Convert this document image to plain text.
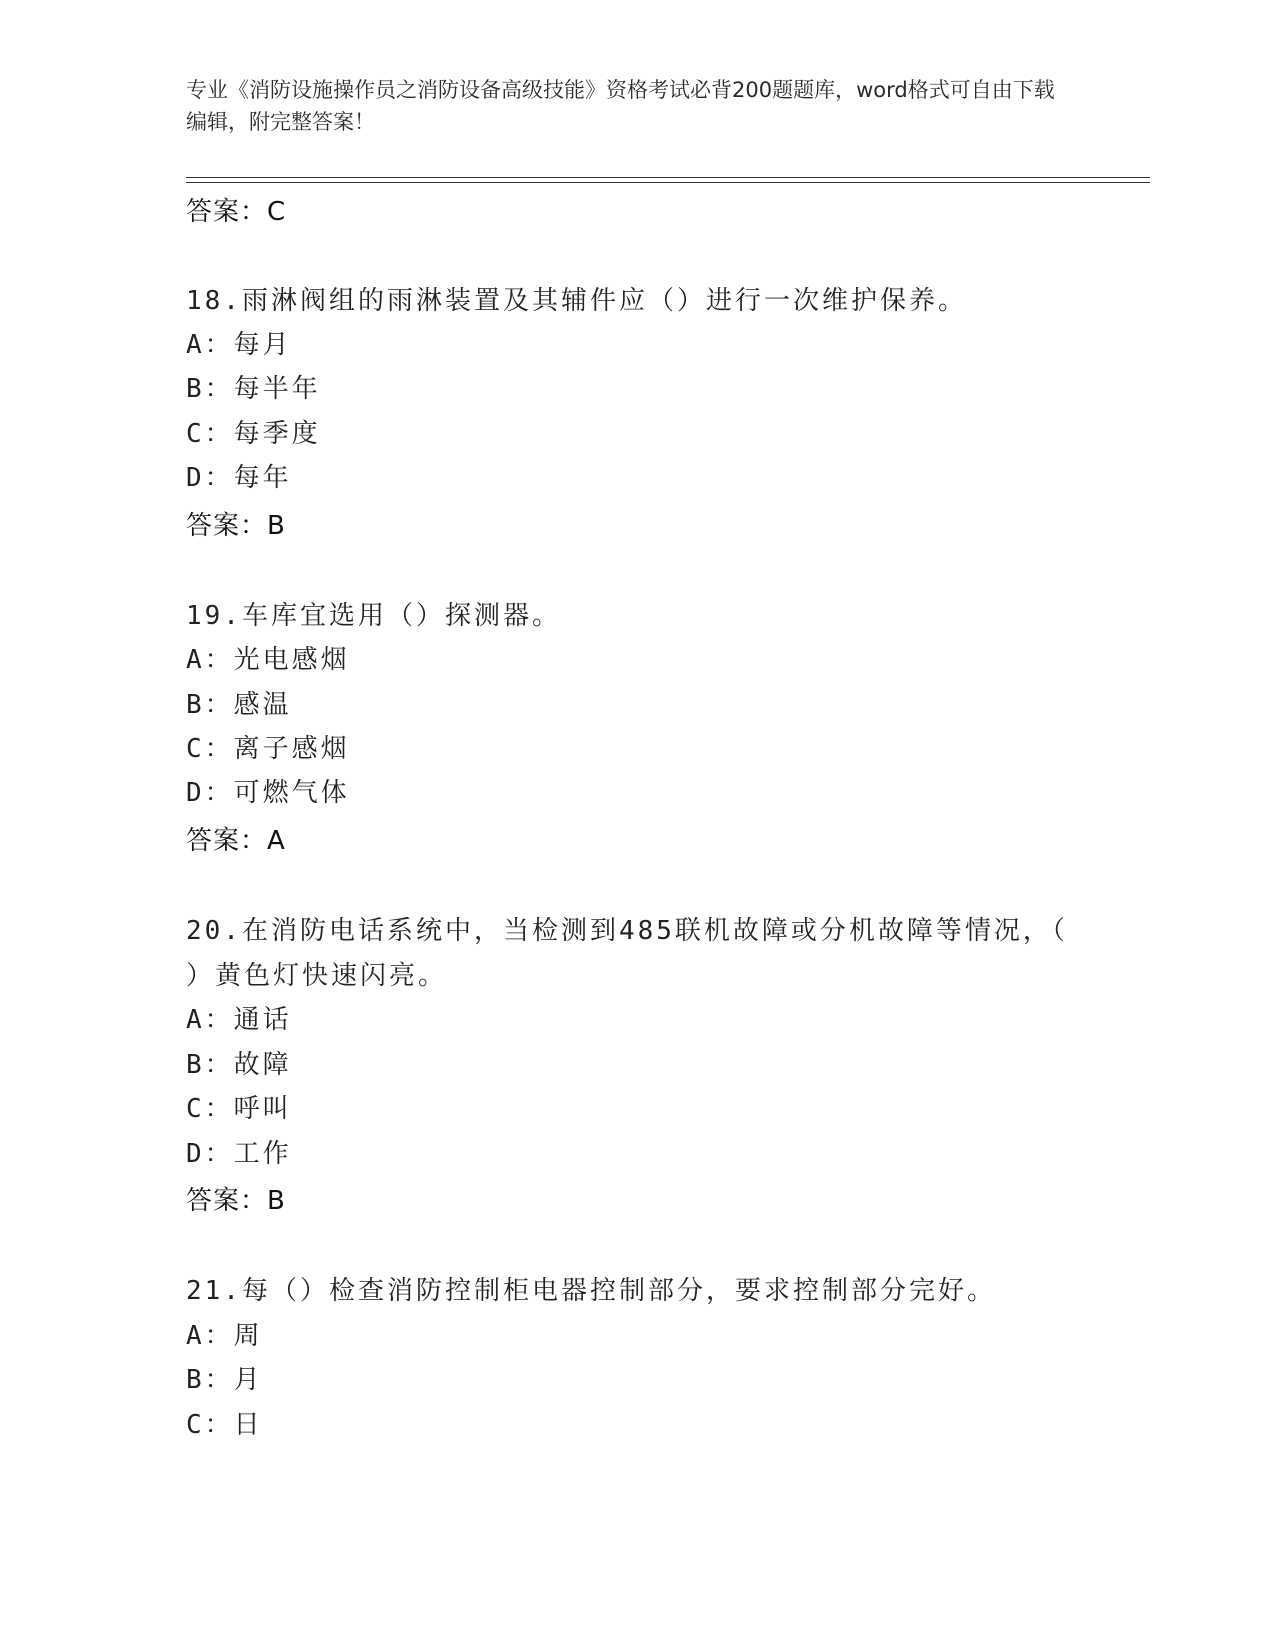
专业《消防设施操作员之消防设备高级技能》资格考试必背200题题库，word格式可自由下载编辑，附完整答案！
答案：C
18.雨淋阀组的雨淋装置及其辅件应（）进行一次维护保养。
A：每月
B：每半年
C：每季度
D：每年
答案：B
19.车库宜选用（）探测器。
A：光电感烟
B：感温
C：离子感烟
D：可燃气体
答案：A
20.在消防电话系统中，当检测到485联机故障或分机故障等情况，（
）黄色灯快速闪亮。
A：通话
B：故障
C：呼叫
D：工作
答案：B
21.每（）检查消防控制柜电器控制部分，要求控制部分完好。
A：周
B：月
C：日
